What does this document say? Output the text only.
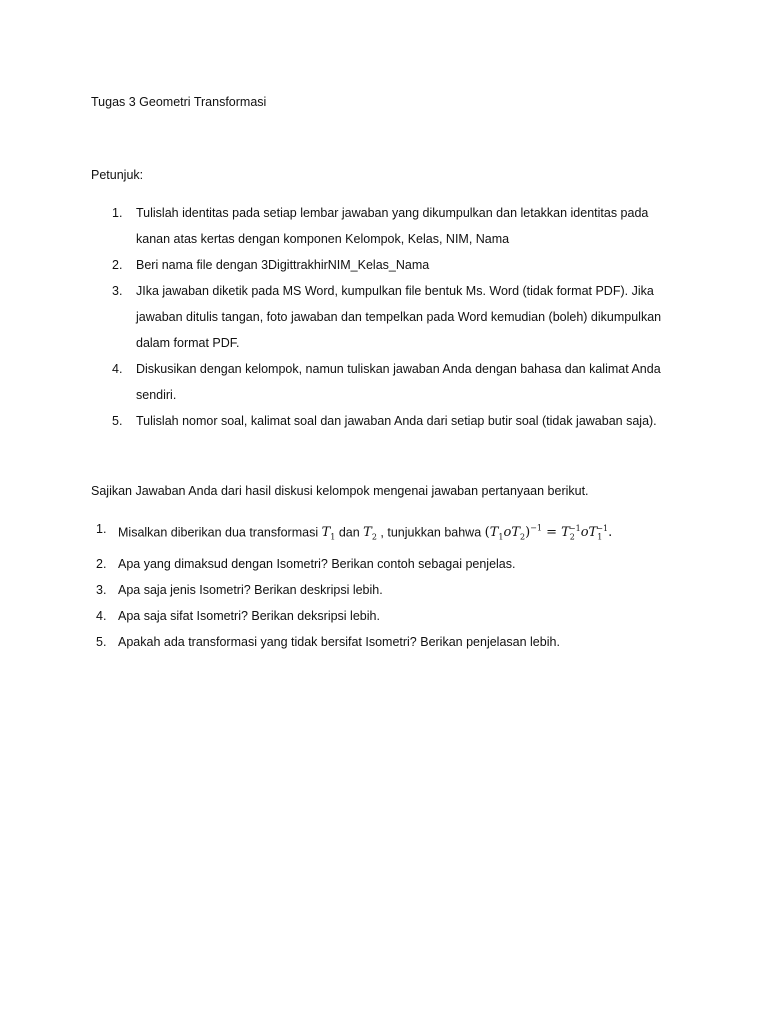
Tugas 3 Geometri Transformasi
Petunjuk:
1. Tulislah identitas pada setiap lembar jawaban yang dikumpulkan dan letakkan identitas pada
kanan atas kertas dengan komponen Kelompok, Kelas, NIM, Nama
2. Beri nama file dengan 3DigittrakhirNIM_Kelas_Nama
3. JIka jawaban diketik pada MS Word, kumpulkan file bentuk Ms. Word (tidak format PDF). Jika
jawaban ditulis tangan, foto jawaban dan tempelkan pada Word kemudian (boleh) dikumpulkan
dalam format PDF.
4. Diskusikan dengan kelompok, namun tuliskan jawaban Anda dengan bahasa dan kalimat Anda
sendiri.
5. Tulislah nomor soal, kalimat soal dan jawaban Anda dari setiap butir soal (tidak jawaban saja).
Sajikan Jawaban Anda dari hasil diskusi kelompok mengenai jawaban pertanyaan berikut.
1. Misalkan diberikan dua transformasi $T_1$ dan $T_2$ , tunjukkan bahwa $(T_1oT_2)^{-1} = T_2^{-1}oT_1^{-1}$.
2. Apa yang dimaksud dengan Isometri? Berikan contoh sebagai penjelas.
3. Apa saja jenis Isometri? Berikan deskripsi lebih.
4. Apa saja sifat Isometri? Berikan deksripsi lebih.
5. Apakah ada transformasi yang tidak bersifat Isometri? Berikan penjelasan lebih.
